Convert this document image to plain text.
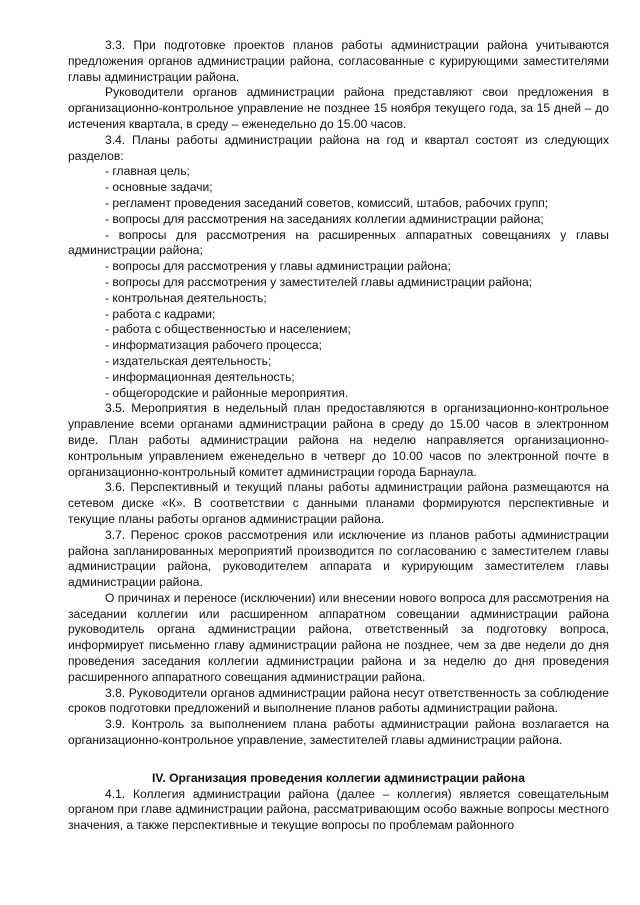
3.3. При подготовке проектов планов работы администрации района учитываются предложения органов администрации района, согласованные с курирующими заместителями главы администрации района.

Руководители органов администрации района представляют свои предложения в организационно-контрольное управление не позднее 15 ноября текущего года, за 15 дней – до истечения квартала, в среду – еженедельно до 15.00 часов.

3.4. Планы работы администрации района на год и квартал состоят из следующих разделов:

- главная цель;

- основные задачи;

- регламент проведения заседаний советов, комиссий, штабов, рабочих групп;

- вопросы для рассмотрения на заседаниях коллегии администрации района;

- вопросы для рассмотрения на расширенных аппаратных совещаниях у главы администрации района;

- вопросы для рассмотрения у главы администрации района;

- вопросы для рассмотрения у заместителей главы администрации района;

- контрольная деятельность;

- работа с кадрами;

- работа с общественностью и населением;

- информатизация рабочего процесса;

- издательская деятельность;

- информационная деятельность;

- общегородские и районные мероприятия.

3.5. Мероприятия в недельный план предоставляются в организационно-контрольное управление всеми органами администрации района в среду до 15.00 часов в электронном виде. План работы администрации района на неделю направляется организационно-контрольным управлением еженедельно в четверг до 10.00 часов по электронной почте в организационно-контрольный комитет администрации города Барнаула.

3.6. Перспективный и текущий планы работы администрации района размещаются на сетевом диске «К». В соответствии с данными планами формируются перспективные и текущие планы работы органов администрации района.

3.7. Перенос сроков рассмотрения или исключение из планов работы администрации района запланированных мероприятий производится по согласованию с заместителем главы администрации района, руководителем аппарата и курирующим заместителем главы администрации района.

О причинах и переносе (исключении) или внесении нового вопроса для рассмотрения на заседании коллегии или расширенном аппаратном совещании администрации района руководитель органа администрации района, ответственный за подготовку вопроса, информирует письменно главу администрации района не позднее, чем за две недели до дня проведения заседания коллегии администрации района и за неделю до дня проведения расширенного аппаратного совещания администрации района.

3.8. Руководители органов администрации района несут ответственность за соблюдение сроков подготовки предложений и выполнение планов работы администрации района.

3.9. Контроль за выполнением плана работы администрации района возлагается на организационно-контрольное управление, заместителей главы администрации района.

IV. Организация проведения коллегии администрации района

4.1. Коллегия администрации района (далее – коллегия) является совещательным органом при главе администрации района, рассматривающим особо важные вопросы местного значения, а также перспективные и текущие вопросы по проблемам районного
